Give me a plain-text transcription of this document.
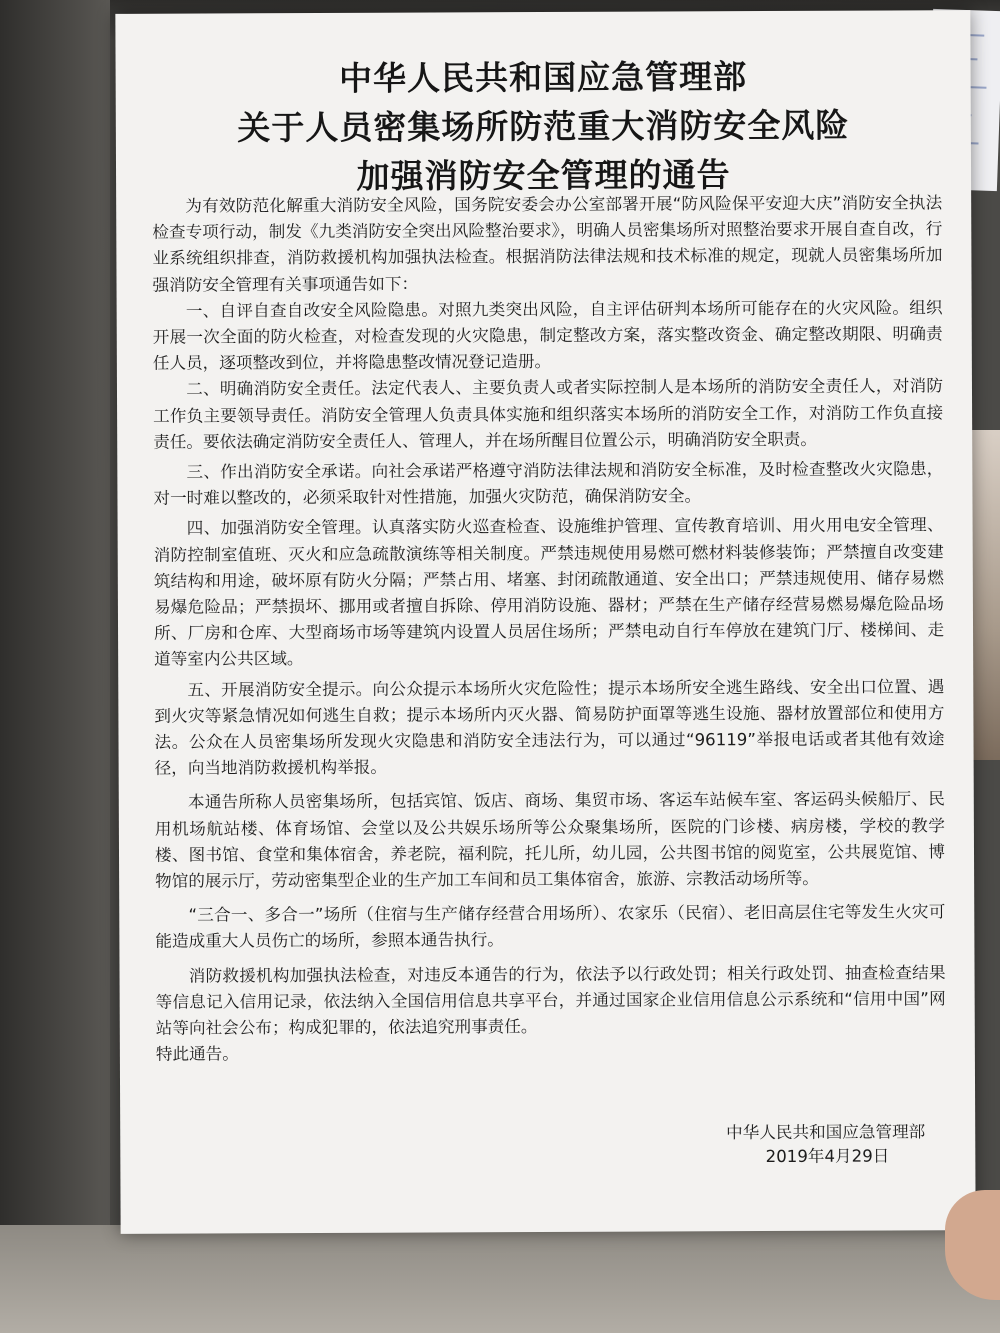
中华人民共和国应急管理部
关于人员密集场所防范重大消防安全风险
加强消防安全管理的通告

为有效防范化解重大消防安全风险，国务院安委会办公室部署开展“防风险保平安迎大庆”消防安全执法检查专项行动，制发《九类消防安全突出风险整治要求》，明确人员密集场所对照整治要求开展自查自改，行业系统组织排查，消防救援机构加强执法检查。根据消防法律法规和技术标准的规定，现就人员密集场所加强消防安全管理有关事项通告如下：

一、自评自查自改安全风险隐患。对照九类突出风险，自主评估研判本场所可能存在的火灾风险。组织开展一次全面的防火检查，对检查发现的火灾隐患，制定整改方案，落实整改资金、确定整改期限、明确责任人员，逐项整改到位，并将隐患整改情况登记造册。

二、明确消防安全责任。法定代表人、主要负责人或者实际控制人是本场所的消防安全责任人，对消防工作负主要领导责任。消防安全管理人负责具体实施和组织落实本场所的消防安全工作，对消防工作负直接责任。要依法确定消防安全责任人、管理人，并在场所醒目位置公示，明确消防安全职责。

三、作出消防安全承诺。向社会承诺严格遵守消防法律法规和消防安全标准，及时检查整改火灾隐患，对一时难以整改的，必须采取针对性措施，加强火灾防范，确保消防安全。

四、加强消防安全管理。认真落实防火巡查检查、设施维护管理、宣传教育培训、用火用电安全管理、消防控制室值班、灭火和应急疏散演练等相关制度。严禁违规使用易燃可燃材料装修装饰；严禁擅自改变建筑结构和用途，破坏原有防火分隔；严禁占用、堵塞、封闭疏散通道、安全出口；严禁违规使用、储存易燃易爆危险品；严禁损坏、挪用或者擅自拆除、停用消防设施、器材；严禁在生产储存经营易燃易爆危险品场所、厂房和仓库、大型商场市场等建筑内设置人员居住场所；严禁电动自行车停放在建筑门厅、楼梯间、走道等室内公共区域。

五、开展消防安全提示。向公众提示本场所火灾危险性；提示本场所安全逃生路线、安全出口位置、遇到火灾等紧急情况如何逃生自救；提示本场所内灭火器、简易防护面罩等逃生设施、器材放置部位和使用方法。公众在人员密集场所发现火灾隐患和消防安全违法行为，可以通过“96119”举报电话或者其他有效途径，向当地消防救援机构举报。

本通告所称人员密集场所，包括宾馆、饭店、商场、集贸市场、客运车站候车室、客运码头候船厅、民用机场航站楼、体育场馆、会堂以及公共娱乐场所等公众聚集场所，医院的门诊楼、病房楼，学校的教学楼、图书馆、食堂和集体宿舍，养老院，福利院，托儿所，幼儿园，公共图书馆的阅览室，公共展览馆、博物馆的展示厅，劳动密集型企业的生产加工车间和员工集体宿舍，旅游、宗教活动场所等。

“三合一、多合一”场所（住宿与生产储存经营合用场所）、农家乐（民宿）、老旧高层住宅等发生火灾可能造成重大人员伤亡的场所，参照本通告执行。

消防救援机构加强执法检查，对违反本通告的行为，依法予以行政处罚；相关行政处罚、抽查检查结果等信息记入信用记录，依法纳入全国信用信息共享平台，并通过国家企业信用信息公示系统和“信用中国”网站等向社会公布；构成犯罪的，依法追究刑事责任。

特此通告。

中华人民共和国应急管理部
2019年4月29日
